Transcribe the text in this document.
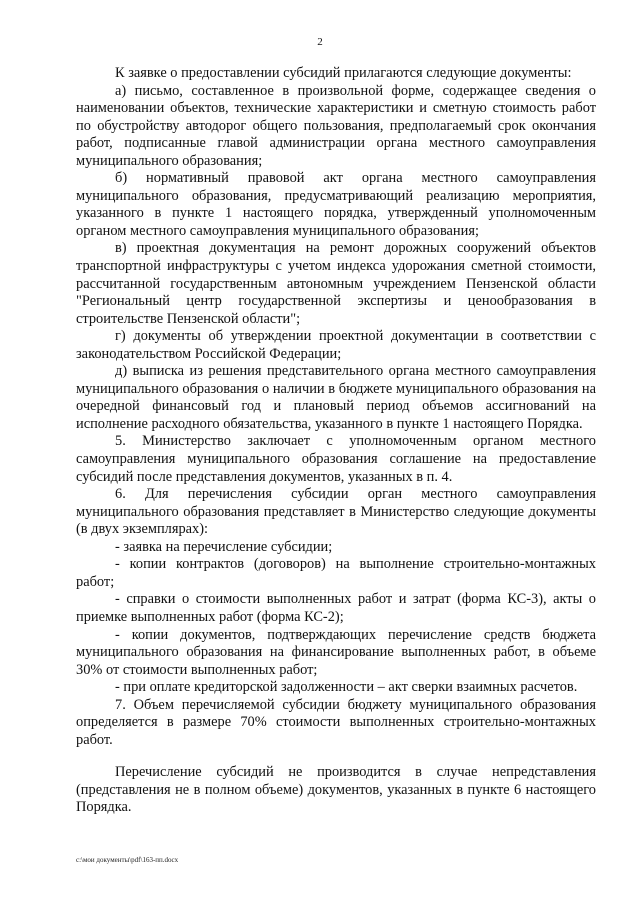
2

К заявке о предоставлении субсидий прилагаются следующие документы:

а) письмо, составленное в произвольной форме, содержащее сведения о наименовании объектов, технические характеристики и сметную стоимость работ по обустройству автодорог общего пользования, предполагаемый срок окончания работ, подписанные главой администрации органа местного самоуправления муниципального образования;

б) нормативный правовой акт органа местного самоуправления муниципального образования, предусматривающий реализацию мероприятия, указанного в пункте 1 настоящего порядка, утвержденный уполномоченным органом местного самоуправления муниципального образования;

в) проектная документация на ремонт дорожных сооружений объектов транспортной инфраструктуры с учетом индекса удорожания сметной стоимости, рассчитанной государственным автономным учреждением Пензенской области "Региональный центр государственной экспертизы и ценообразования в строительстве Пензенской области";

г) документы об утверждении проектной документации в соответствии с законодательством Российской Федерации;

д) выписка из решения представительного органа местного самоуправления муниципального образования о наличии в бюджете муниципального образования на очередной финансовый год и плановый период объемов ассигнований на исполнение расходного обязательства, указанного в пункте 1 настоящего Порядка.

5. Министерство заключает с уполномоченным органом местного самоуправления муниципального образования соглашение на предоставление субсидий после представления документов, указанных в п. 4.

6. Для перечисления субсидии орган местного самоуправления муниципального образования представляет в Министерство следующие документы (в двух экземплярах):

- заявка на перечисление субсидии;

- копии контрактов (договоров) на выполнение строительно-монтажных работ;

- справки о стоимости выполненных работ и затрат (форма КС-3), акты о приемке выполненных работ (форма КС-2);

- копии документов, подтверждающих перечисление средств бюджета муниципального образования на финансирование выполненных работ, в объеме 30% от стоимости выполненных работ;

- при оплате кредиторской задолженности – акт сверки взаимных расчетов.

7. Объем перечисляемой субсидии бюджету муниципального образования определяется в размере 70% стоимости выполненных строительно-монтажных работ.

Перечисление субсидий не производится в случае непредставления (представления не в полном объеме) документов, указанных в пункте 6 настоящего Порядка.

c:\мои документы\pdf\163-пп.docx
